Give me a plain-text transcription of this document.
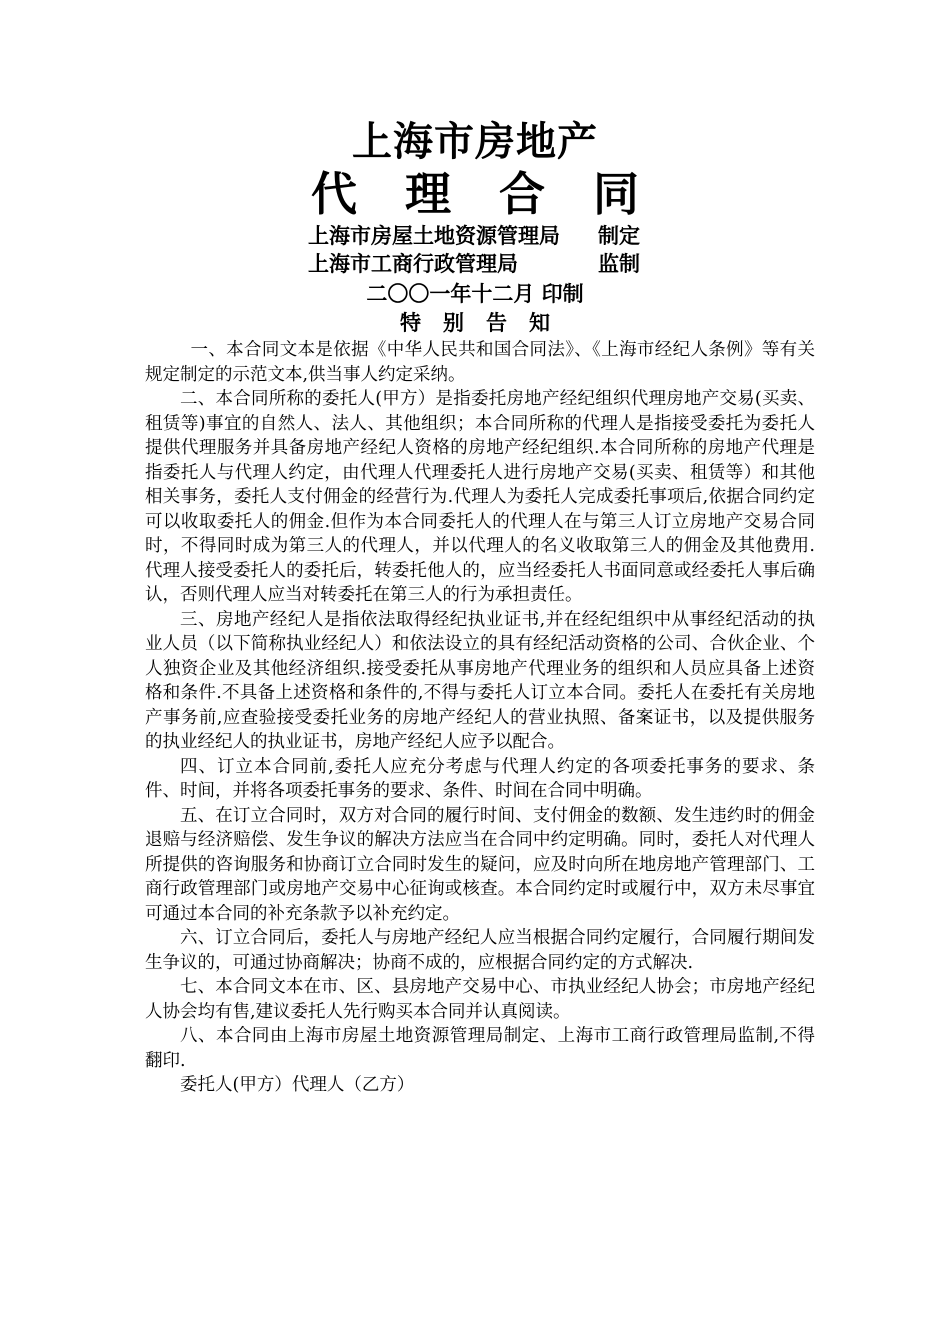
上海市房地产
代理合同
上海市房屋土地资源管理局 制定
上海市工商行政管理局	监制
二〇〇一年十二月 印制
特别告知

一、本合同文本是依据《中华人民共和国合同法》、《上海市经纪人条例》等有关规定制定的示范文本,供当事人约定采纳。

二、本合同所称的委托人(甲方）是指委托房地产经纪组织代理房地产交易(买卖、租赁等)事宜的自然人、法人、其他组织；本合同所称的代理人是指接受委托为委托人提供代理服务并具备房地产经纪人资格的房地产经纪组织.本合同所称的房地产代理是指委托人与代理人约定，由代理人代理委托人进行房地产交易(买卖、租赁等）和其他相关事务，委托人支付佣金的经营行为.代理人为委托人完成委托事项后,依据合同约定可以收取委托人的佣金.但作为本合同委托人的代理人在与第三人订立房地产交易合同时，不得同时成为第三人的代理人，并以代理人的名义收取第三人的佣金及其他费用.代理人接受委托人的委托后，转委托他人的，应当经委托人书面同意或经委托人事后确认，否则代理人应当对转委托在第三人的行为承担责任。

三、房地产经纪人是指依法取得经纪执业证书,并在经纪组织中从事经纪活动的执业人员（以下简称执业经纪人）和依法设立的具有经纪活动资格的公司、合伙企业、个人独资企业及其他经济组织.接受委托从事房地产代理业务的组织和人员应具备上述资格和条件.不具备上述资格和条件的,不得与委托人订立本合同。委托人在委托有关房地产事务前,应查验接受委托业务的房地产经纪人的营业执照、备案证书，以及提供服务的执业经纪人的执业证书，房地产经纪人应予以配合。

四、订立本合同前,委托人应充分考虑与代理人约定的各项委托事务的要求、条件、时间，并将各项委托事务的要求、条件、时间在合同中明确。

五、在订立合同时，双方对合同的履行时间、支付佣金的数额、发生违约时的佣金退赔与经济赔偿、发生争议的解决方法应当在合同中约定明确。同时，委托人对代理人所提供的咨询服务和协商订立合同时发生的疑问，应及时向所在地房地产管理部门、工商行政管理部门或房地产交易中心征询或核查。本合同约定时或履行中，双方未尽事宜可通过本合同的补充条款予以补充约定。

六、订立合同后，委托人与房地产经纪人应当根据合同约定履行，合同履行期间发生争议的，可通过协商解决；协商不成的，应根据合同约定的方式解决.

七、本合同文本在市、区、县房地产交易中心、市执业经纪人协会；市房地产经纪人协会均有售,建议委托人先行购买本合同并认真阅读。

八、本合同由上海市房屋土地资源管理局制定、上海市工商行政管理局监制,不得翻印.

委托人(甲方）代理人（乙方）
